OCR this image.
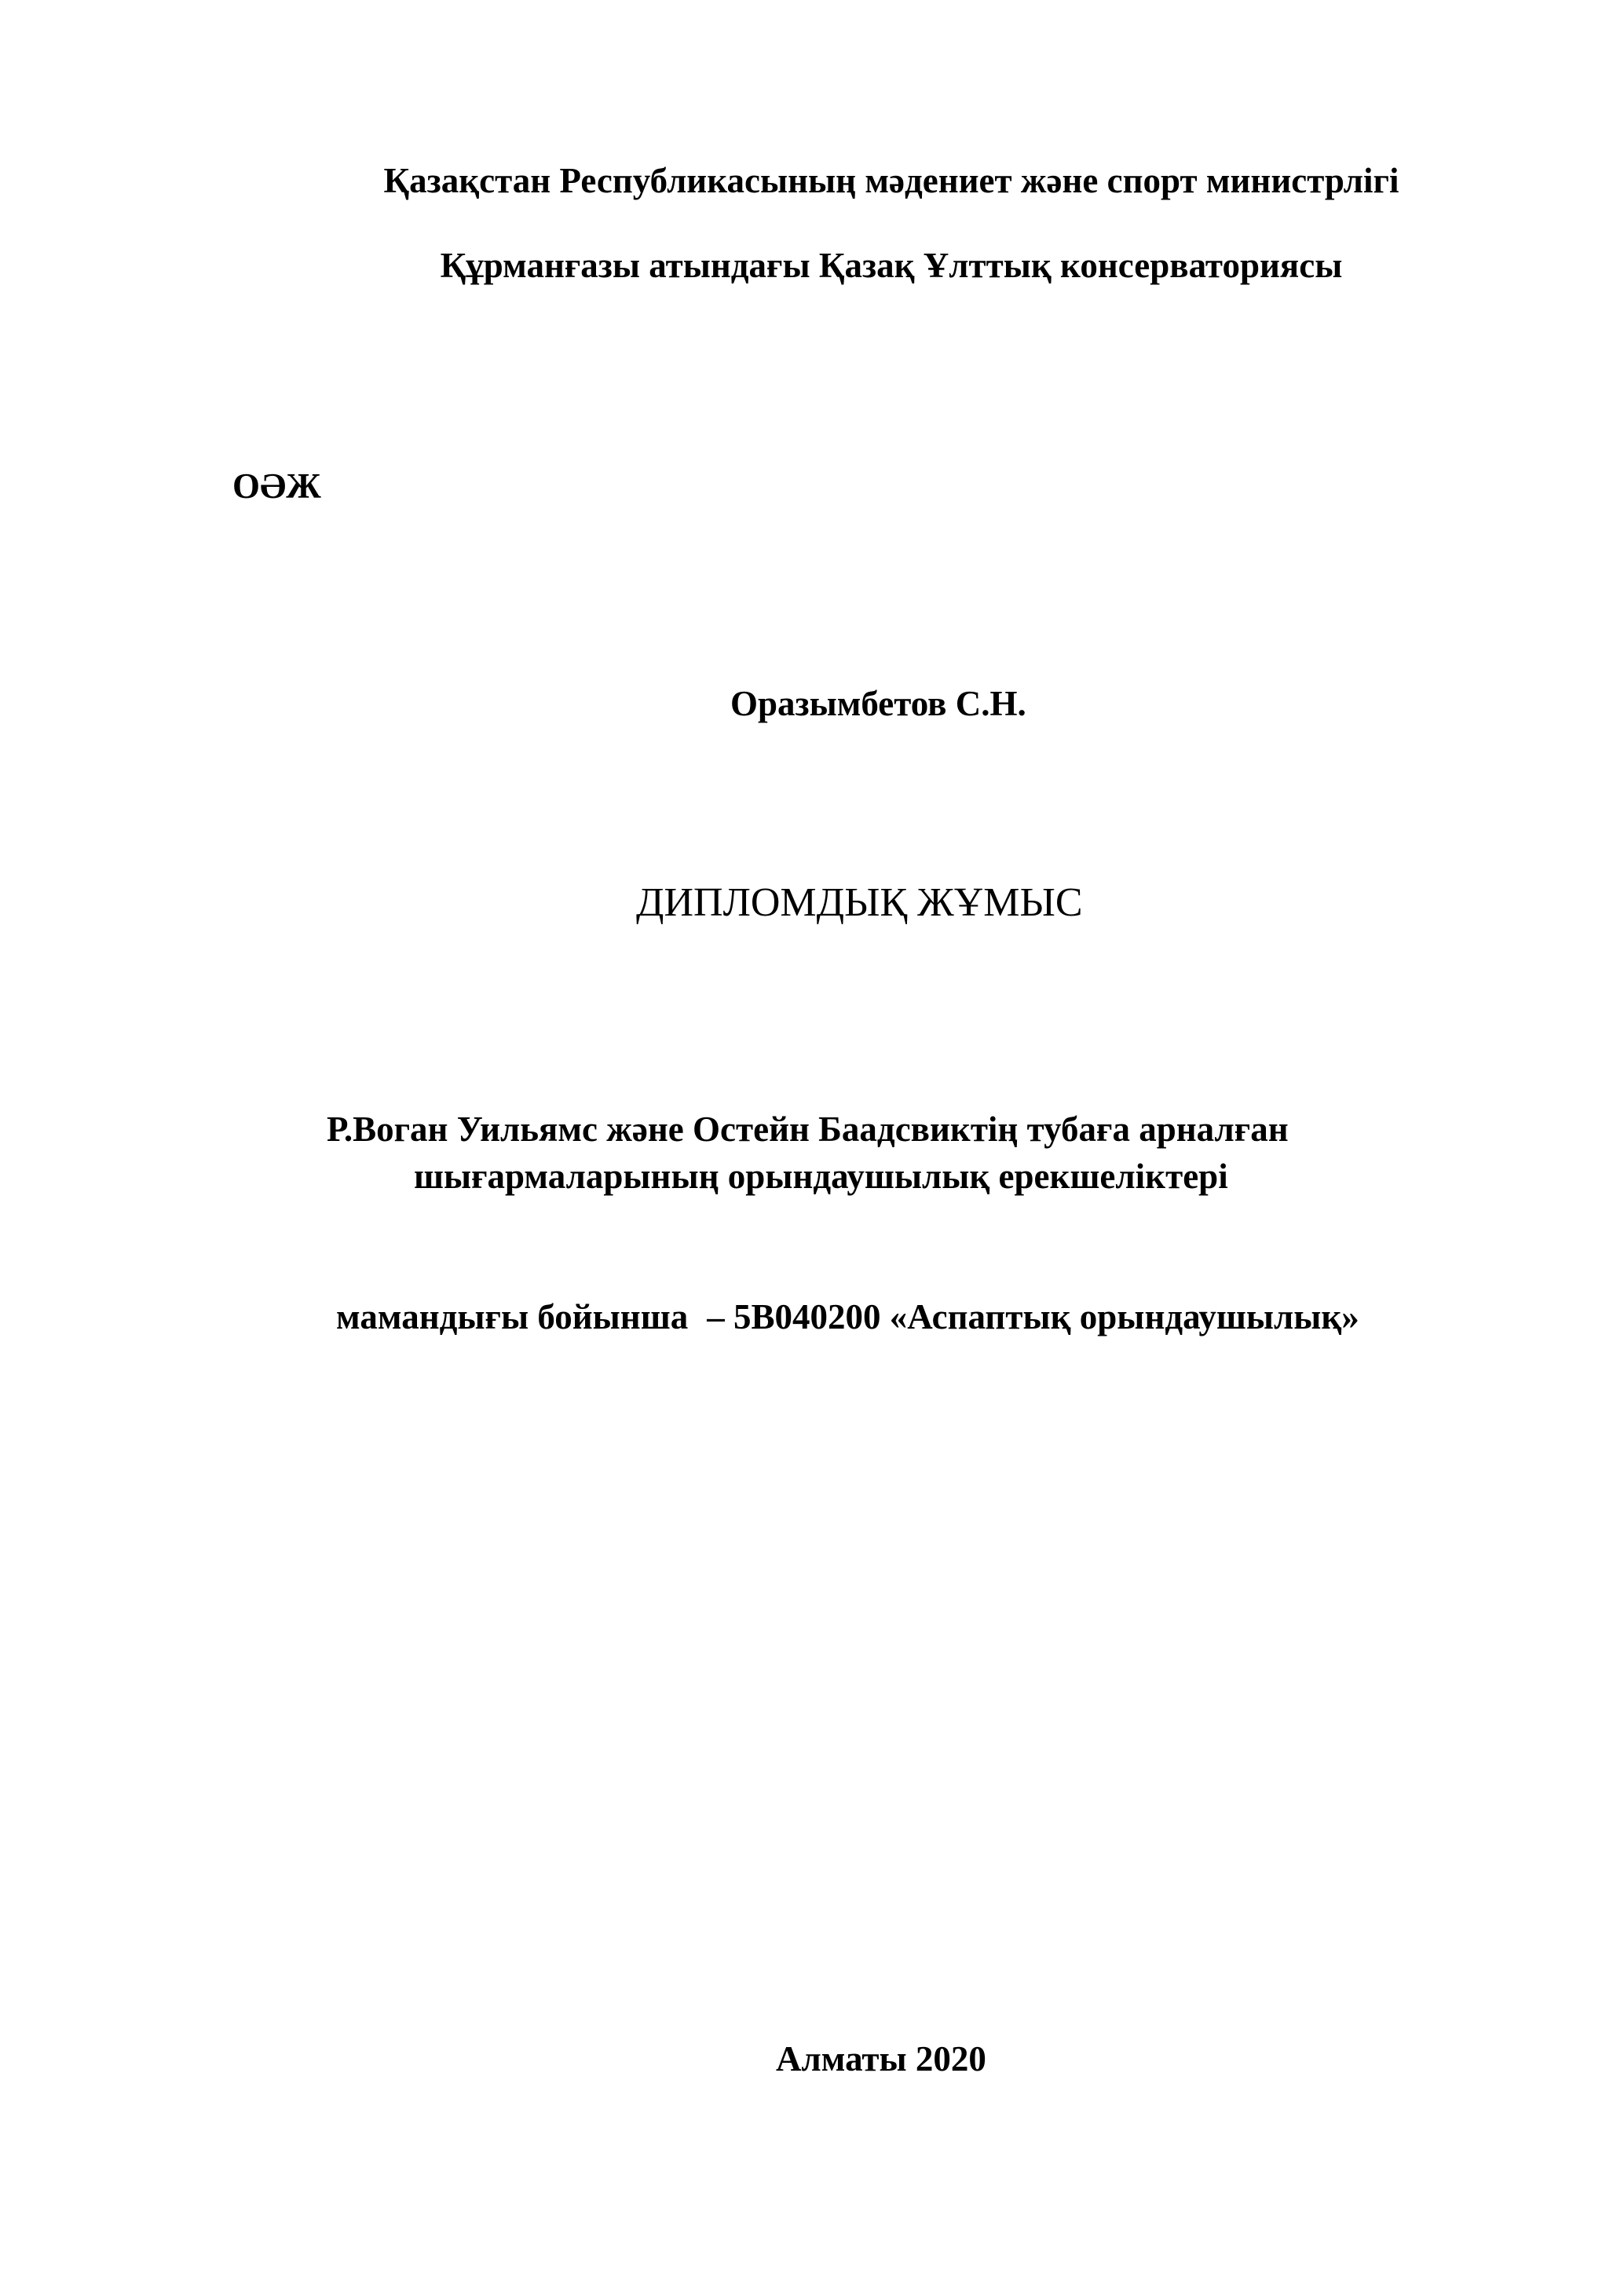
Қазақстан Республикасының мәдениет және спорт министрлігі
Құрманғазы атындағы Қазақ Ұлттық консерваториясы
ОӘЖ
Оразымбетов С.Н.
ДИПЛОМДЫҚ ЖҰМЫС
Р.Воган Уильямс және Остейн Баадсвиктің тубаға арналған
шығармаларының орындаушылық ерекшеліктері
мамандығы бойынша – 5B040200 «Аспаптық орындаушылық»
Алматы 2020
